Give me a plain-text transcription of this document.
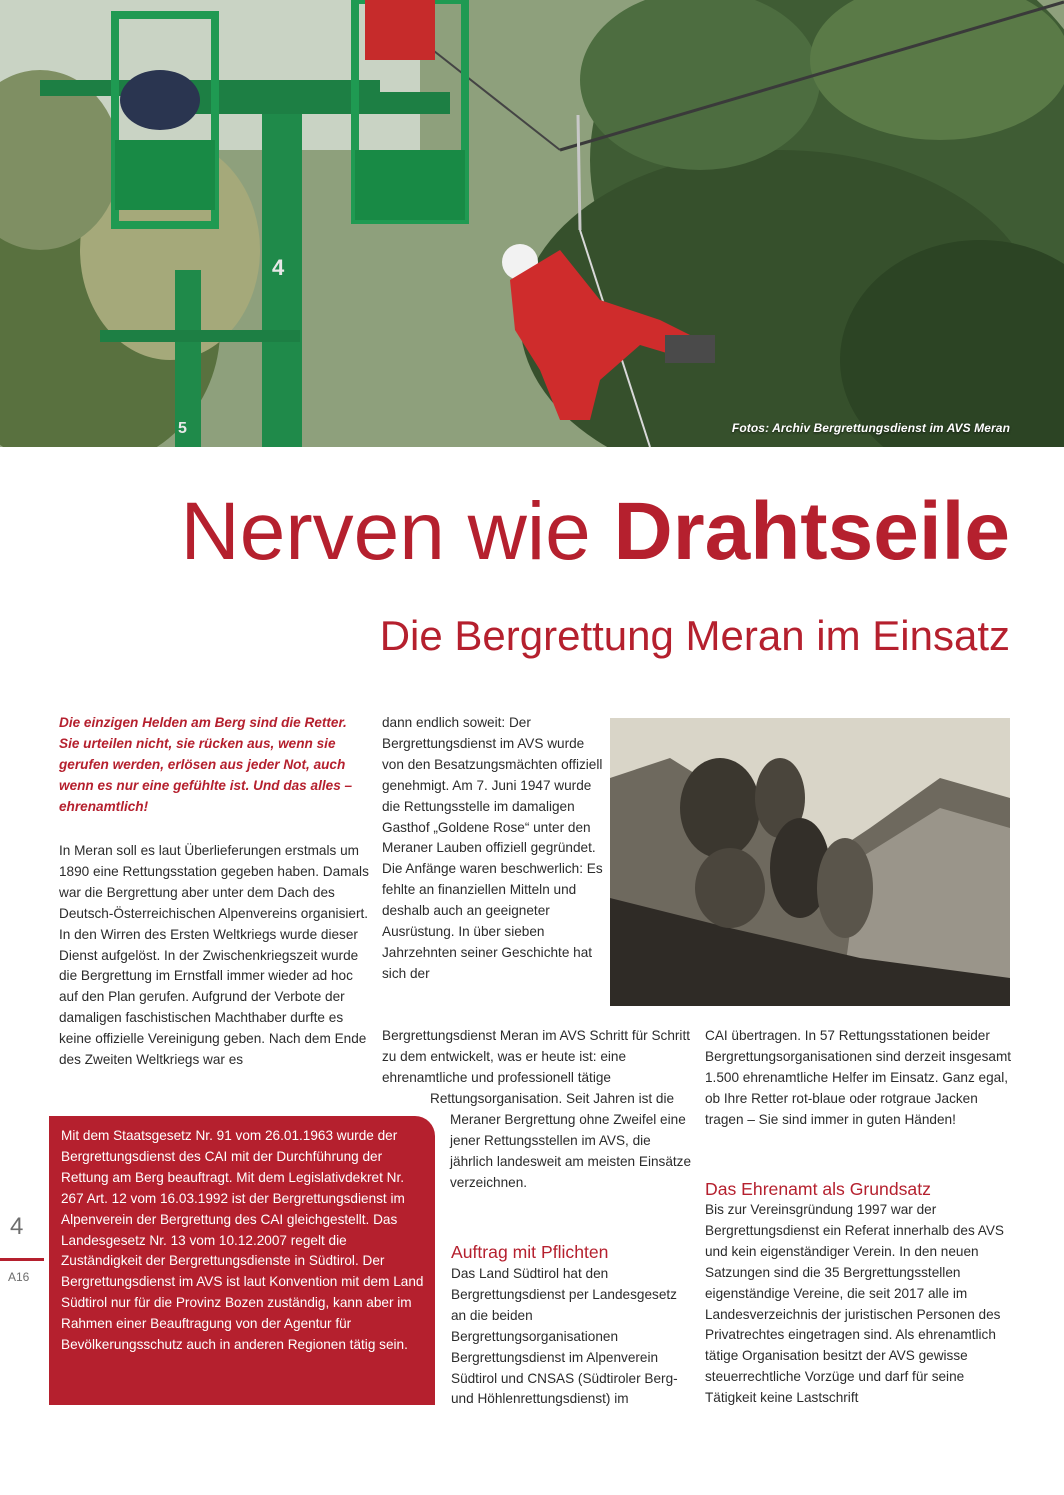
4
5	Fotos: Archiv Bergrettungsdienst im AVS Meran
Nerven wie Drahtseile
Die Bergrettung Meran im Einsatz
Die einzigen Helden am Berg sind die Retter. Sie urteilen nicht, sie rücken aus, wenn sie gerufen werden, erlösen aus jeder Not, auch wenn es nur eine gefühlte ist. Und das alles – ehrenamtlich!
In Meran soll es laut Überlieferungen erstmals um 1890 eine Rettungsstation gegeben haben. Damals war die Bergrettung aber unter dem Dach des Deutsch-Österreichischen Alpenvereins organisiert. In den Wirren des Ersten Weltkriegs wurde dieser Dienst aufgelöst. In der Zwischenkriegszeit wurde die Bergrettung im Ernstfall immer wieder ad hoc auf den Plan gerufen. Aufgrund der Verbote der damaligen faschistischen Machthaber durfte es keine offizielle Vereinigung geben. Nach dem Ende des Zweiten Weltkriegs war es

dann endlich soweit: Der Bergrettungsdienst im AVS wurde von den Besatzungsmächten offiziell genehmigt. Am 7. Juni 1947 wurde die Rettungsstelle im damaligen Gasthof „Goldene Rose“ unter den Meraner Lauben offiziell gegründet.

Die Anfänge waren beschwerlich: Es fehlte an finanziellen Mitteln und deshalb auch an geeigneter Ausrüstung. In über sieben Jahrzehnten seiner Geschichte hat sich der

Bergrettungsdienst Meran im AVS Schritt für Schritt zu dem entwickelt, was er heute ist: eine ehrenamtliche und professionell tätige
Rettungsorganisation. Seit Jahren ist die
Meraner Bergrettung ohne Zweifel eine jener Rettungsstellen im AVS, die jährlich landesweit am meisten Einsätze verzeichnen.
CAI übertragen. In 57 Rettungsstationen beider Bergrettungsorganisationen sind derzeit insgesamt 1.500 ehrenamtliche Helfer im Einsatz. Ganz egal, ob Ihre Retter rot-blaue oder rotgraue Jacken tragen – Sie sind immer in guten Händen!
Das Ehrenamt als Grundsatz
Bis zur Vereinsgründung 1997 war der Bergrettungsdienst ein Referat innerhalb des AVS und kein eigenständiger Verein. In den neuen Satzungen sind die 35 Bergrettungsstellen eigenständige Vereine, die seit 2017 alle im Landesverzeichnis der juristischen Personen des Privatrechtes eingetragen sind. Als ehrenamtlich tätige Organisation besitzt der AVS gewisse steuerrechtliche Vorzüge und darf für seine Tätigkeit keine Lastschrift
Auftrag mit Pflichten
Das Land Südtirol hat den Bergrettungsdienst per Landesgesetz an die beiden Bergrettungsorganisationen Bergrettungsdienst im Alpenverein Südtirol und CNSAS (Südtiroler Berg- und Höhlenrettungsdienst) im
Mit dem Staatsgesetz Nr. 91 vom 26.01.1963 wurde der Bergrettungsdienst des CAI mit der Durchführung der Rettung am Berg beauftragt. Mit dem Legislativdekret Nr. 267 Art. 12 vom 16.03.1992 ist der Bergrettungsdienst im Alpenverein der Bergrettung des CAI gleichgestellt. Das Landesgesetz Nr. 13 vom 10.12.2007 regelt die Zuständigkeit der Bergrettungsdienste in Südtirol. Der Bergrettungsdienst im AVS ist laut Konvention mit dem Land Südtirol nur für die Provinz Bozen zuständig, kann aber im Rahmen einer Beauftragung von der Agentur für Bevölkerungsschutz auch in anderen Regionen tätig sein.
4
A16
